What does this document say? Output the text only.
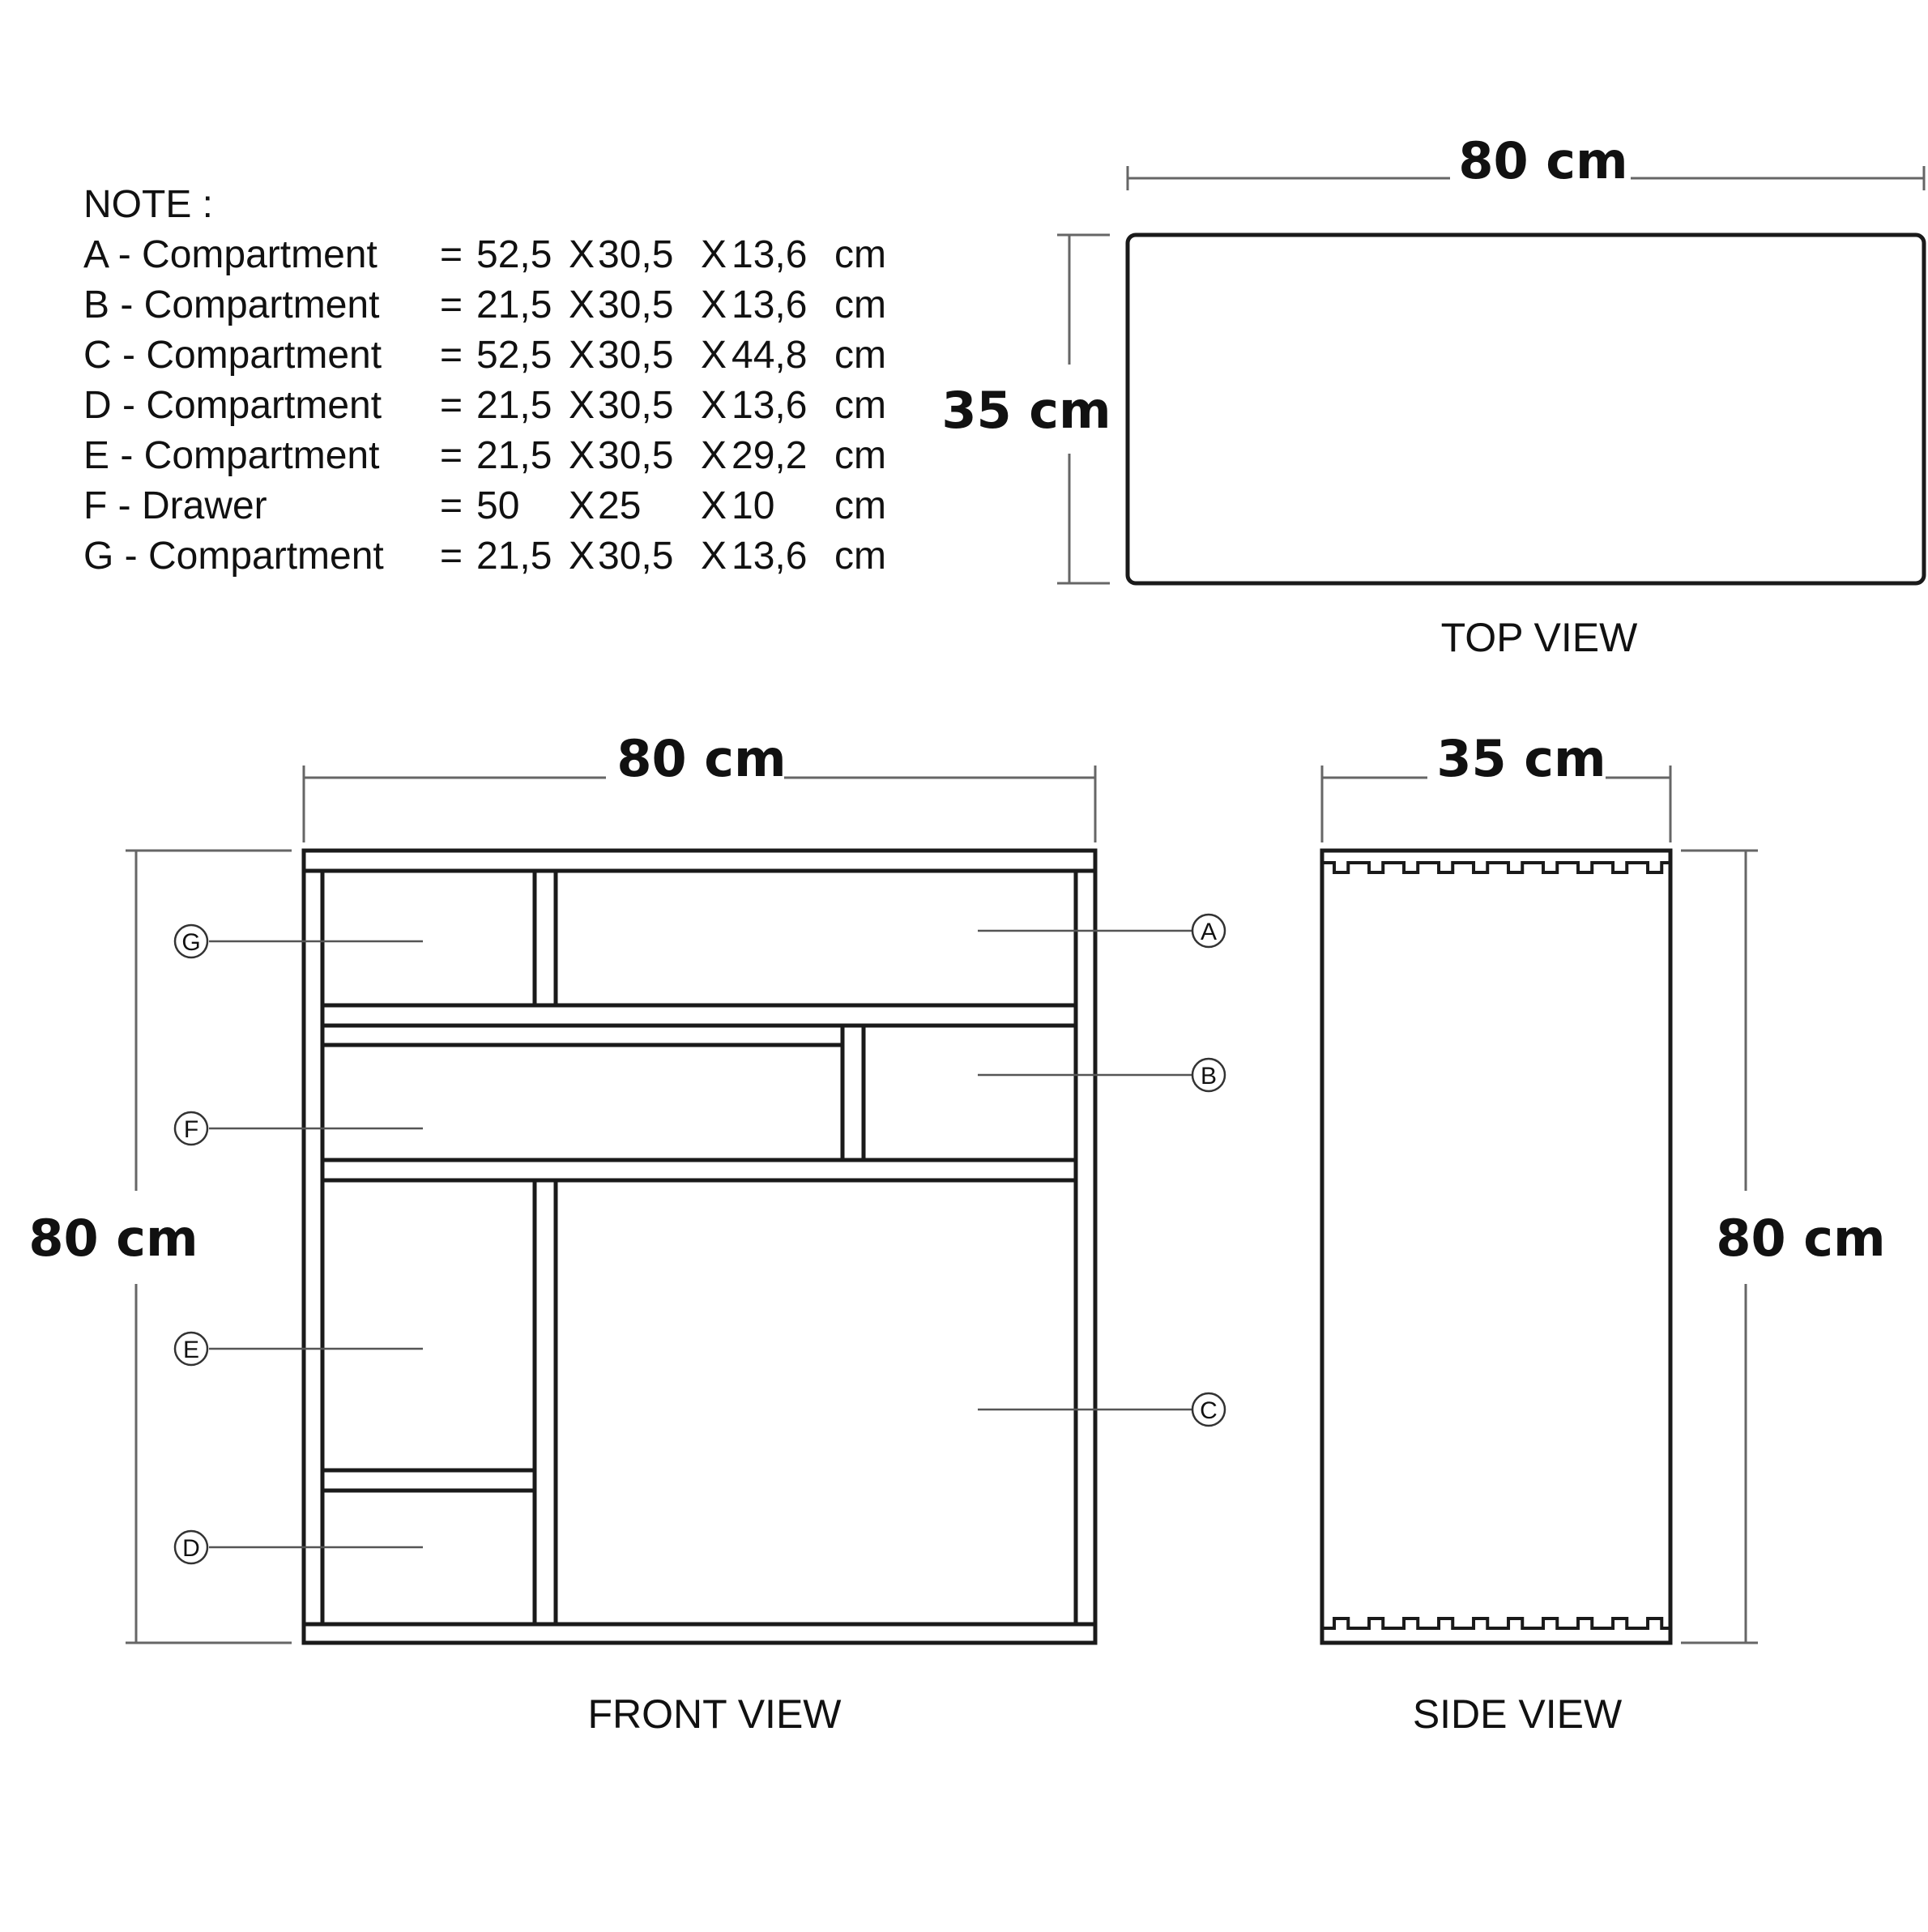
NOTE :
A - Compartment = 52,5 X 30,5 X 13,6 cm
B - Compartment = 21,5 X 30,5 X 13,6 cm
C - Compartment = 52,5 X 30,5 X 44,8 cm
D - Compartment = 21,5 X 30,5 X 13,6 cm
E - Compartment = 21,5 X 30,5 X 29,2 cm
F - Drawer	= 50 X 25 X 10 cm
G - Compartment = 21,5 X 30,5 X 13,6 cm
80 cm
35 cm
TOP VIEW
G
F
E
D
A
B
C
80 cm
80 cm
FRONT VIEW
35 cm
80 cm
SIDE VIEW
